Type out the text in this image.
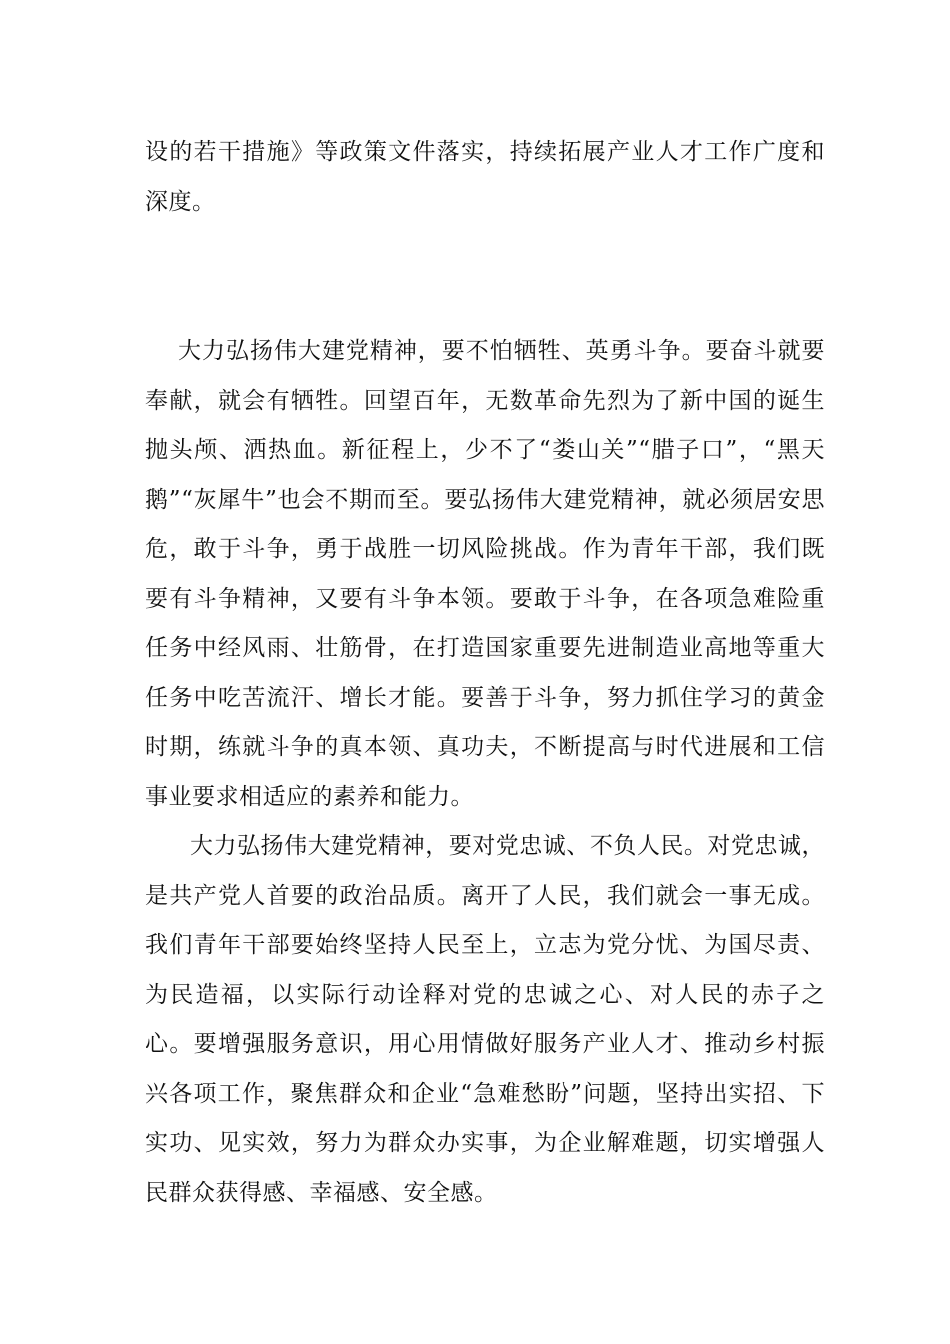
设的若干措施》等政策文件落实，持续拓展产业人才工作广度和深度。

大力弘扬伟大建党精神，要不怕牺牲、英勇斗争。要奋斗就要奉献，就会有牺牲。回望百年，无数革命先烈为了新中国的诞生抛头颅、洒热血。新征程上，少不了“娄山关”“腊子口”，“黑天鹅”“灰犀牛”也会不期而至。要弘扬伟大建党精神，就必须居安思危，敢于斗争，勇于战胜一切风险挑战。作为青年干部，我们既要有斗争精神，又要有斗争本领。要敢于斗争，在各项急难险重任务中经风雨、壮筋骨，在打造国家重要先进制造业高地等重大任务中吃苦流汗、增长才能。要善于斗争，努力抓住学习的黄金时期，练就斗争的真本领、真功夫，不断提高与时代进展和工信事业要求相适应的素养和能力。

大力弘扬伟大建党精神，要对党忠诚、不负人民。对党忠诚，是共产党人首要的政治品质。离开了人民，我们就会一事无成。我们青年干部要始终坚持人民至上，立志为党分忧、为国尽责、为民造福，以实际行动诠释对党的忠诚之心、对人民的赤子之心。要增强服务意识，用心用情做好服务产业人才、推动乡村振兴各项工作，聚焦群众和企业“急难愁盼”问题，坚持出实招、下实功、见实效，努力为群众办实事，为企业解难题，切实增强人民群众获得感、幸福感、安全感。
